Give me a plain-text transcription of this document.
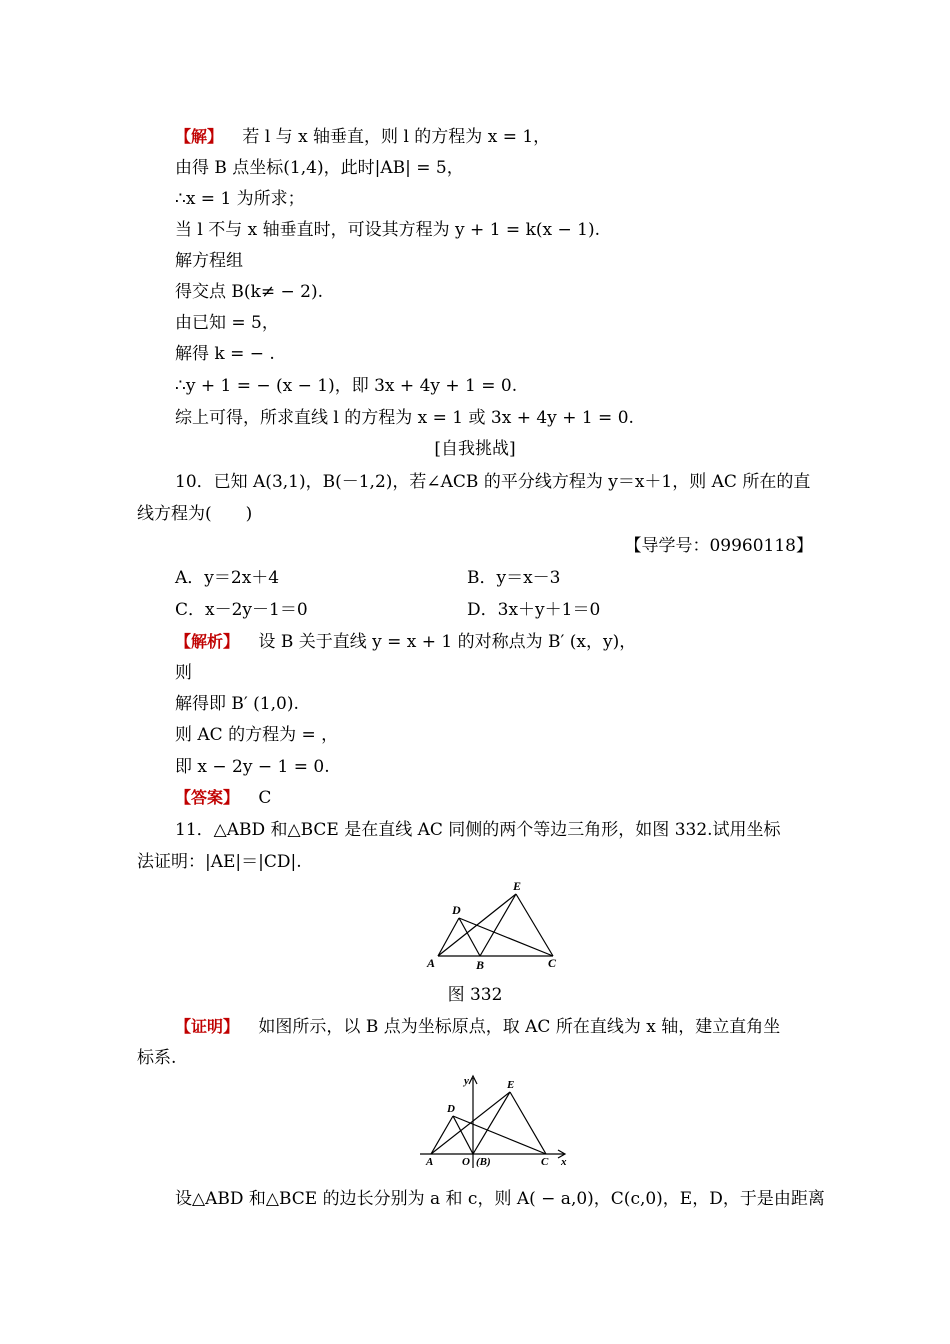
【解】 若 l 与 x 轴垂直，则 l 的方程为 x = 1，
由得 B 点坐标(1,4)，此时|AB| = 5，
∴x = 1 为所求；
当 l 不与 x 轴垂直时，可设其方程为 y + 1 = k(x − 1).
解方程组
得交点 B(k≠ − 2).
由已知 = 5，
解得 k = − .
∴y + 1 = − (x − 1)，即 3x + 4y + 1 = 0.
综上可得，所求直线 l 的方程为 x = 1 或 3x + 4y + 1 = 0.
[自我挑战]
10．已知 A(3,1)，B(－1,2)，若∠ACB 的平分线方程为 y＝x＋1，则 AC 所在的直
线方程为(　　)
【导学号：09960118】
A．y＝2x＋4	B．y＝x－3
C．x－2y－1＝0	D．3x＋y＋1＝0
【解析】 设 B 关于直线 y = x + 1 的对称点为 B′ (x，y)，
则
解得即 B′ (1,0).
则 AC 的方程为 = ，
即 x − 2y − 1 = 0.
【答案】 C
11．△ABD 和△BCE 是在直线 AC 同侧的两个等边三角形，如图 332.试用坐标
法证明：|AE|＝|CD|.
A	B	C
D
E
图 332
【证明】 如图所示，以 B 点为坐标原点，取 AC 所在直线为 x 轴，建立直角坐
标系.
y
x
A	O (B)	C
D
E
设△ABD 和△BCE 的边长分别为 a 和 c，则 A( − a,0)，C(c,0)，E，D，于是由距离
